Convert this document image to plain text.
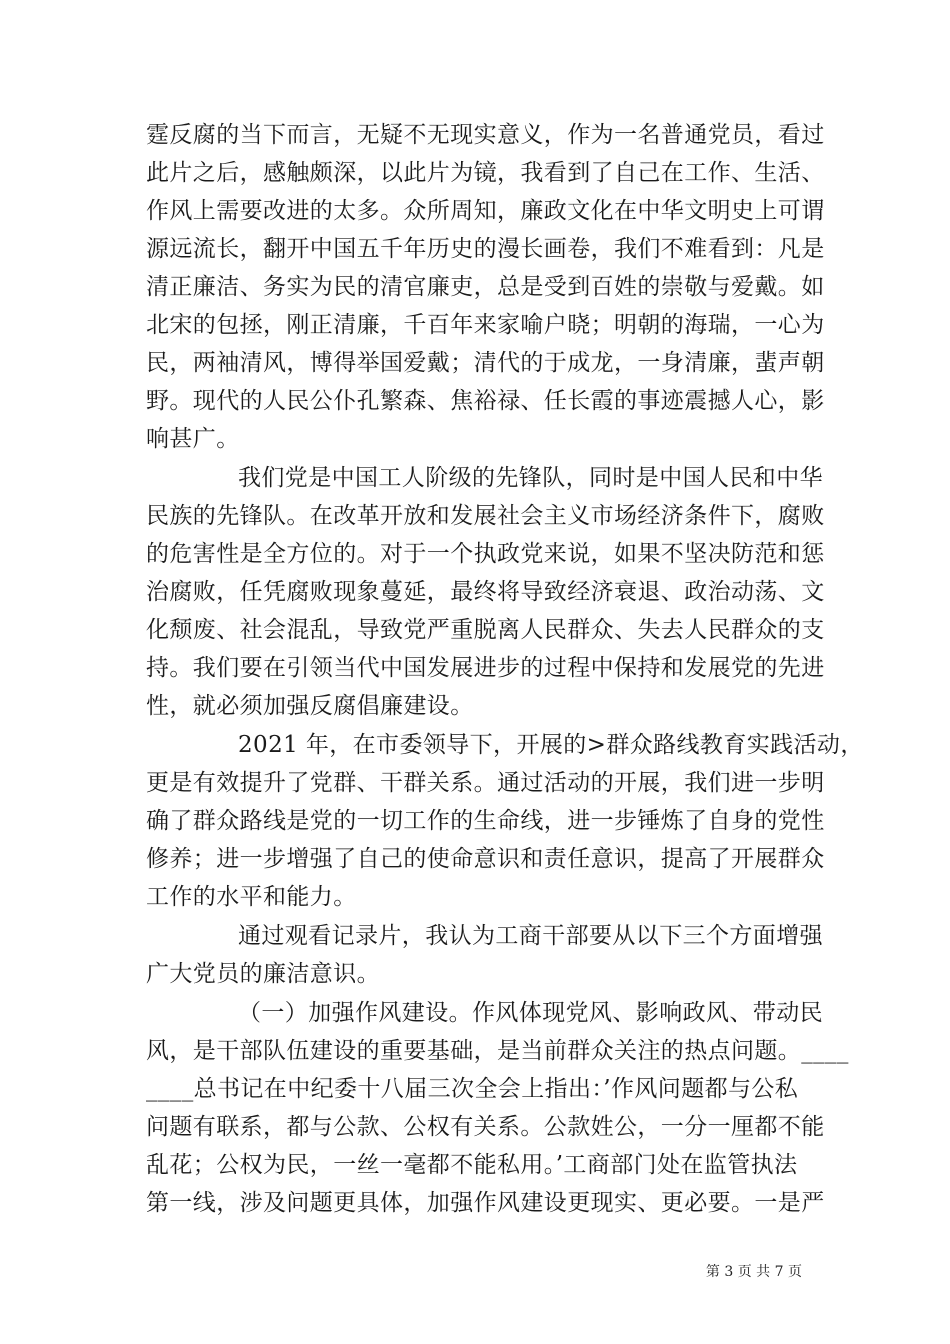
霆反腐的当下而言，无疑不无现实意义，作为一名普通党员，看过
此片之后，感触颇深，以此片为镜，我看到了自己在工作、生活、
作风上需要改进的太多。众所周知，廉政文化在中华文明史上可谓
源远流长，翻开中国五千年历史的漫长画卷，我们不难看到：凡是
清正廉洁、务实为民的清官廉吏，总是受到百姓的崇敬与爱戴。如
北宋的包拯，刚正清廉，千百年来家喻户晓；明朝的海瑞，一心为
民，两袖清风，博得举国爱戴；清代的于成龙，一身清廉，蜚声朝
野。现代的人民公仆孔繁森、焦裕禄、任长霞的事迹震撼人心，影
响甚广。
我们党是中国工人阶级的先锋队，同时是中国人民和中华
民族的先锋队。在改革开放和发展社会主义市场经济条件下，腐败
的危害性是全方位的。对于一个执政党来说，如果不坚决防范和惩
治腐败，任凭腐败现象蔓延，最终将导致经济衰退、政治动荡、文
化颓废、社会混乱，导致党严重脱离人民群众、失去人民群众的支
持。我们要在引领当代中国发展进步的过程中保持和发展党的先进
性，就必须加强反腐倡廉建设。
2021 年，在市委领导下，开展的>群众路线教育实践活动，
更是有效提升了党群、干群关系。通过活动的开展，我们进一步明
确了群众路线是党的一切工作的生命线，进一步锤炼了自身的党性
修养；进一步增强了自己的使命意识和责任意识，提高了开展群众
工作的水平和能力。
通过观看记录片，我认为工商干部要从以下三个方面增强
广大党员的廉洁意识。
（一）加强作风建设。作风体现党风、影响政风、带动民
风，是干部队伍建设的重要基础，是当前群众关注的热点问题。____
____总书记在中纪委十八届三次全会上指出：’作风问题都与公私
问题有联系，都与公款、公权有关系。公款姓公，一分一厘都不能
乱花；公权为民，一丝一毫都不能私用。’工商部门处在监管执法
第一线，涉及问题更具体，加强作风建设更现实、更必要。一是严
第 3 页 共 7 页
